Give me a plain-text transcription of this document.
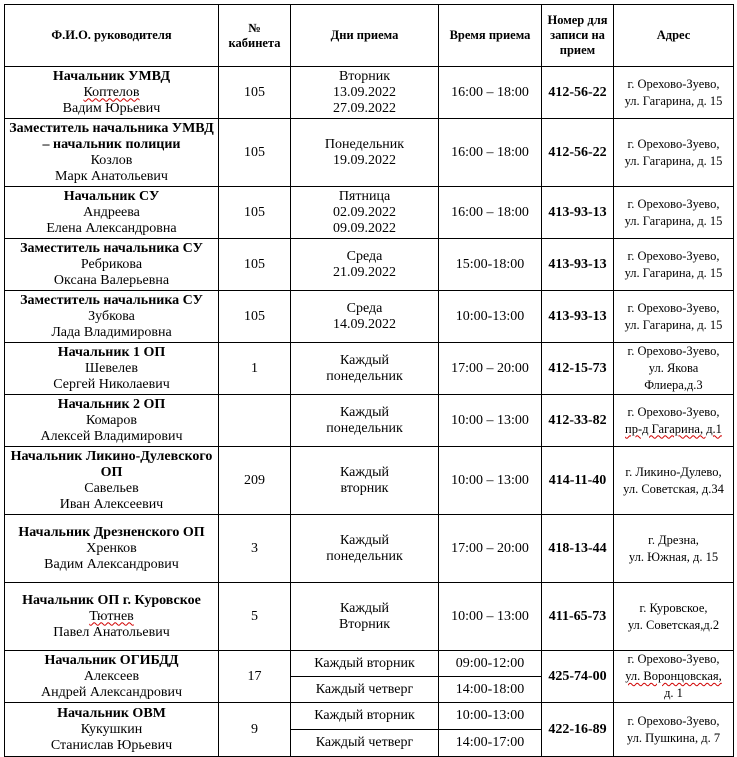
Ф.И.О. руководителя	№ кабинета	Дни приема	Время приема	Номер для записи на прием	Адрес

Начальник УМВД
Коптелов
Вадим Юрьевич	105	Вторник
13.09.2022
27.09.2022	16:00 – 18:00	412-56-22	г. Орехово-Зуево,
ул. Гагарина, д. 15

Заместитель начальника УМВД – начальник полиции
Козлов
Марк Анатольевич	105	Понедельник
19.09.2022	16:00 – 18:00	412-56-22	г. Орехово-Зуево,
ул. Гагарина, д. 15

Начальник СУ
Андреева
Елена Александровна	105	Пятница
02.09.2022
09.09.2022	16:00 – 18:00	413-93-13	г. Орехово-Зуево,
ул. Гагарина, д. 15

Заместитель начальника СУ
Ребрикова
Оксана Валерьевна	105	Среда
21.09.2022	15:00-18:00	413-93-13	г. Орехово-Зуево,
ул. Гагарина, д. 15

Заместитель начальника СУ
Зубкова
Лада Владимировна	105	Среда
14.09.2022	10:00-13:00	413-93-13	г. Орехово-Зуево,
ул. Гагарина, д. 15

Начальник 1 ОП
Шевелев
Сергей Николаевич	1	Каждый
понедельник	17:00 – 20:00	412-15-73	г. Орехово-Зуево,
ул. Якова
Флиера,д.3

Начальник 2 ОП
Комаров
Алексей Владимирович		Каждый
понедельник	10:00 – 13:00	412-33-82	г. Орехово-Зуево,
пр-д Гагарина, д.1

Начальник Ликино-Дулевского ОП
Савельев
Иван Алексеевич	209	Каждый
вторник	10:00 – 13:00	414-11-40	г. Ликино-Дулево,
ул. Советская, д.34

Начальник Дрезненского ОП
Хренков
Вадим Александрович	3	Каждый
понедельник	17:00 – 20:00	418-13-44	г. Дрезна,
ул. Южная, д. 15

Начальник ОП г. Куровское
Тютнев
Павел Анатольевич	5	Каждый
Вторник	10:00 – 13:00	411-65-73	г. Куровское,
ул. Советская,д.2

Начальник ОГИБДД
Алексеев
Андрей Александрович	17	Каждый вторник	09:00-12:00	425-74-00	г. Орехово-Зуево,
ул. Воронцовская,
д. 1

		Каждый четверг	14:00-18:00		

Начальник ОВМ
Кукушкин
Станислав Юрьевич	9	Каждый вторник	10:00-13:00	422-16-89	г. Орехово-Зуево,
ул. Пушкина, д. 7

		Каждый четверг	14:00-17:00		
